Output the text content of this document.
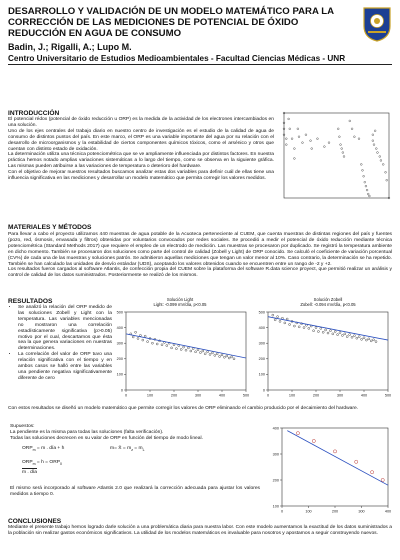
DESARROLLO Y VALIDACIÓN DE UN MODELO MATEMÁTICO PARA LA CORRECCIÓN DE LAS MEDICIONES DE POTENCIAL DE ÓXIDO REDUCCIÓN EN AGUA DE CONSUMO
Badin, J.; Rigalli, A.; Lupo M.
Centro Universitario de Estudios Medioambientales - Facultad Ciencias Médicas - UNR
INTRODUCCIÓN

El potencial rédox (potencial de óxido reducción u ORP) es la medida de la actividad de los electrones intercambiados en una solución.

Uno de los ejes centrales del trabajo diario en nuestro centro de investigación es el estudio de la calidad de agua de consumo de distintos puntos del país. En este marco, el ORP es una variable importante del agua por su relación con el desarrollo de microorganismos y la estabilidad de ciertos componentes químicos tóxicos, como el arsénico y otros que cuentan con distinto estado de oxidación.

La determinación utiliza una técnica potenciométrica que se ve ampliamente influenciada por distintos factores. En nuestra práctica hemos notado amplias variaciones sistemáticas a lo largo del tiempo, como se observa en la siguiente gráfica. Las mismas pueden atribuirse a las variaciones de temperatura o deterioro del hardware.

Con el objetivo de mejorar nuestros resultados buscamos analizar estas dos variables para definir cuál de ellas tiene una influencia significativa en las mediciones y desarrollar un modelo matemático que permita corregir los valores medidos.

MATERIALES Y MÉTODOS

Para llevar a cabo el proyecto utilizamos 440 muestras de agua potable de la Acuoteca perteneciente al CUEM, que cuenta muestras de distintas regiones del país y fuentes (pozo, red, ósmosis, envasada y filtros) obtenidas por voluntarios convocados por redes sociales. Se procedió a medir el potencial de óxido reducción mediante técnica potenciométrica (Standard Methods 2017) que requiere el empleo de un electrodo de medición. Las muestras se procesaron por duplicado. Se registró la temperatura ambiente en dicho momento. También se procesaron dos soluciones como parte del control de calidad (Zobell y Light) de ORP conocido. Se calculó el coeficiente de variación porcentual (CV%) de cada una de las muestras y soluciones patrón. Se admitieron aquellas mediciones que tengan un valor menor al 10%. Caso contrario, la determinación se ha repetido. También se han calculado las unidades de desvío estándar (UDS), aceptando los valores obtenidos cuando se encuentren entre un rango de -2 y +2.

Los resultados fueron cargados al software Atlantis, de confección propia del CUEM sobre la plataforma del software R.data science proyect, que permitió realizar un análisis y control de calidad de los datos suministrados. Posteriormente se realizó de los mismos.

RESULTADOS
• Se analizó la relación del ORP medido de las soluciones Zobell y Light con la temperatura. Las variables mencionadas no mostraron una correlación estadísticamente significativa (p>0.05) motivo por el cual, descartamos que ésta sea la que genera variaciones en nuestras determinaciones.
• La correlación del valor de ORP tuvo una relación significativa con el tiempo y en ambos casos se halló entre las variables una pendiente negativa significativamente diferente de cero
Solución Light
Light: -0.099 mV/día, p<0.05
0	100	200	300	400	500
0
100
200
300
400
500
Solución Zobell
Zobell: -0.094 mV/día, p<0.05
0	100	200	300	400	500
0
100
200
300
400
500
Con estos resultados se diseñó un modelo matemático que permite corregir los valores de ORP eliminando el cambio producido por el decaimiento del hardware.

Supuestos:

La pendiente es la misma para todas las soluciones (falta verificación).

Todas las soluciones decrecen en su valor de ORP en función del tiempo de modo lineal.

$ORP_m = m$ . día + h	m= X̄ = $m_z = m_L$
$ORP_m = h = ORP_0$
m . día
0	100	200	300	400
100
200
300
400
El mismo será incorporado al software Atlantis 2.0 que realizará la corrección adecuada para ajustar los valores medidos a tiempo 0.
CONCLUSIONES
Mediante el presente trabajo hemos logrado darle solución a una problemática diaria para nuestra labor. Con este modelo aumentamos la exactitud de los datos suministrados a la población sin realizar gastos económicos significativos. La utilidad de los modelos matemáticos es invaluable para nosotros y apostamos a seguir construyendo nuevos.
